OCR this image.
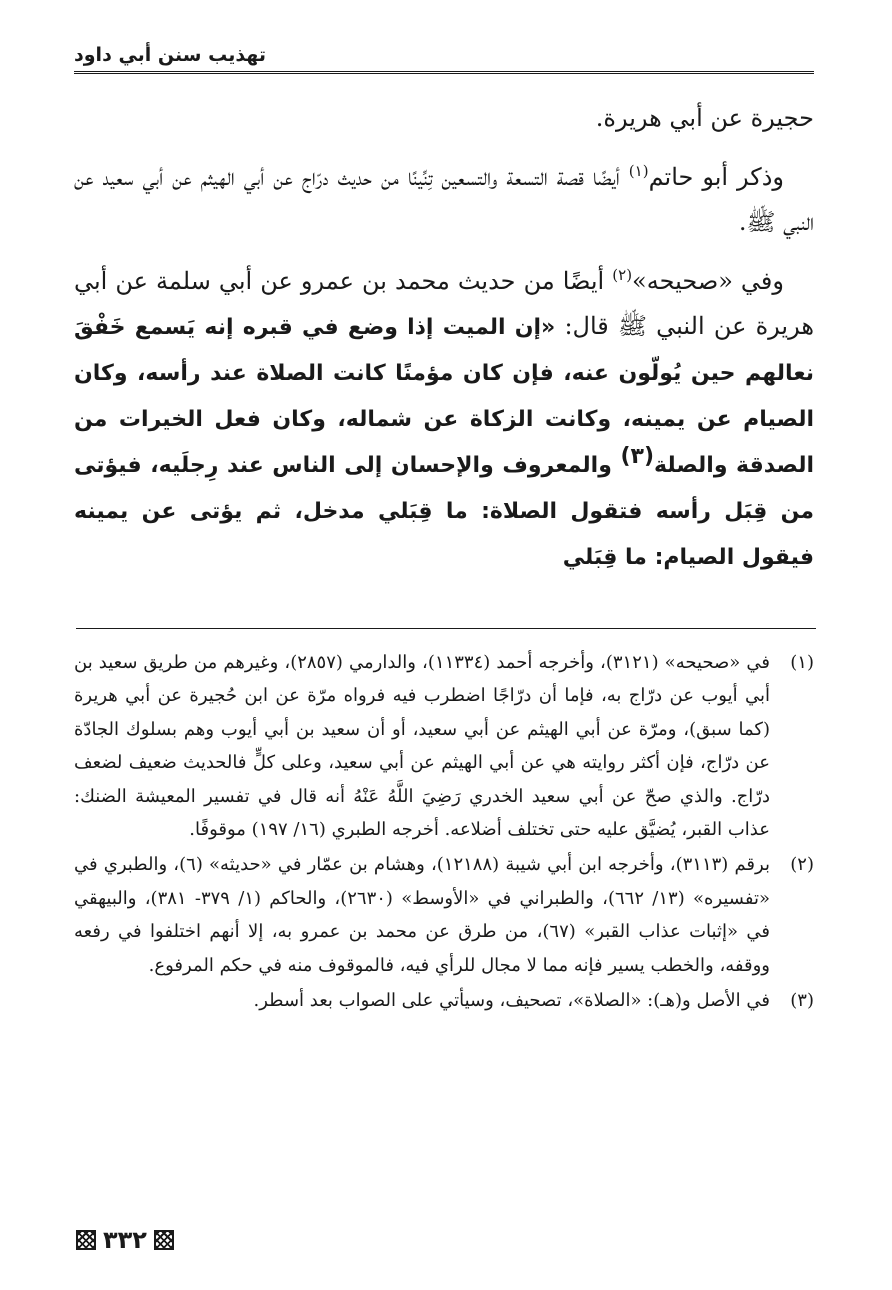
تهذيب سنن أبي داود

حجيرة عن أبي هريرة.

وذكر أبو حاتم$^{(١)}$ أيضًا قصة التسعة والتسعين تِنِّينًا من حديث درّاج عن أبي الهيثم عن أبي سعيد عن النبي ﷺ.

وفي «صحيحه»$^{(٢)}$ أيضًا من حديث محمد بن عمرو عن أبي سلمة عن أبي هريرة عن النبي ﷺ قال: «إن الميت إذا وضع في قبره إنه يَسمع خَفْقَ نعالهم حين يُولّون عنه، فإن كان مؤمنًا كانت الصلاة عند رأسه، وكان الصيام عن يمينه، وكانت الزكاة عن شماله، وكان فعل الخيرات من الصدقة والصلة$^{(٣)}$ والمعروف والإحسان إلى الناس عند رِجلَيه، فيؤتى من قِبَل رأسه فتقول الصلاة: ما قِبَلي مدخل، ثم يؤتى عن يمينه فيقول الصيام: ما قِبَلي

(١)
في «صحيحه» (٣١٢١)، وأخرجه أحمد (١١٣٣٤)، والدارمي (٢٨٥٧)، وغيرهم من طريق سعيد بن أبي أيوب عن درّاج به، فإما أن درّاجًا اضطرب فيه فرواه مرّة عن ابن حُجيرة عن أبي هريرة (كما سبق)، ومرّة عن أبي الهيثم عن أبي سعيد، أو أن سعيد بن أبي أيوب وهم بسلوك الجادّة عن درّاج، فإن أكثر روايته هي عن أبي الهيثم عن أبي سعيد، وعلى كلٍّ فالحديث ضعيف لضعف درّاج. والذي صحّ عن أبي سعيد الخدري رَضِيَ اللَّهُ عَنْهُ أنه قال في تفسير المعيشة الضنك: عذاب القبر، يُضيَّق عليه حتى تختلف أضلاعه. أخرجه الطبري (١٦/ ١٩٧) موقوفًا.
(٢)
برقم (٣١١٣)، وأخرجه ابن أبي شيبة (١٢١٨٨)، وهشام بن عمّار في «حديثه» (٦)، والطبري في «تفسيره» (١٣/ ٦٦٢)، والطبراني في «الأوسط» (٢٦٣٠)، والحاكم (١/ ٣٧٩- ٣٨١)، والبيهقي في «إثبات عذاب القبر» (٦٧)، من طرق عن محمد بن عمرو به، إلا أنهم اختلفوا في رفعه ووقفه، والخطب يسير فإنه مما لا مجال للرأي فيه، فالموقوف منه في حكم المرفوع.
(٣)
في الأصل و(هـ): «الصلاة»، تصحيف، وسيأتي على الصواب بعد أسطر.
٣٣٢
